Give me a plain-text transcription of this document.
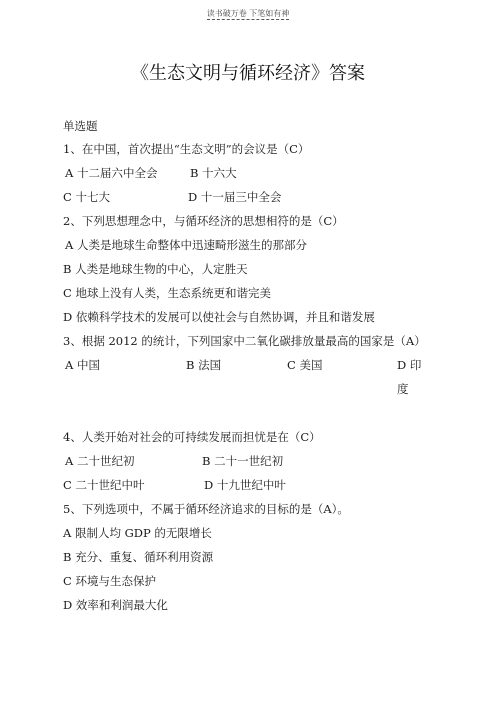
读书破万卷 下笔如有神
《生态文明与循环经济》答案
单选题
1、在中国，首次提出“生态文明”的会议是（C）
A 十二届六中全会	B 十六大
C 十七大	D 十一届三中全会
2、下列思想理念中，与循环经济的思想相符的是（C）
A 人类是地球生命整体中迅速畸形滋生的那部分
B 人类是地球生物的中心，人定胜天
C 地球上没有人类，生态系统更和谐完美
D 依赖科学技术的发展可以使社会与自然协调，并且和谐发展
3、根据 2012 的统计，下列国家中二氧化碳排放量最高的国家是（A）
A 中国	B 法国	C 美国	D 印度
4、人类开始对社会的可持续发展而担忧是在（C）
A 二十世纪初	B 二十一世纪初
C 二十世纪中叶	D 十九世纪中叶
5、下列选项中，不属于循环经济追求的目标的是（A）。
A 限制人均 GDP 的无限增长
B 充分、重复、循环利用资源
C 环境与生态保护
D 效率和利润最大化
